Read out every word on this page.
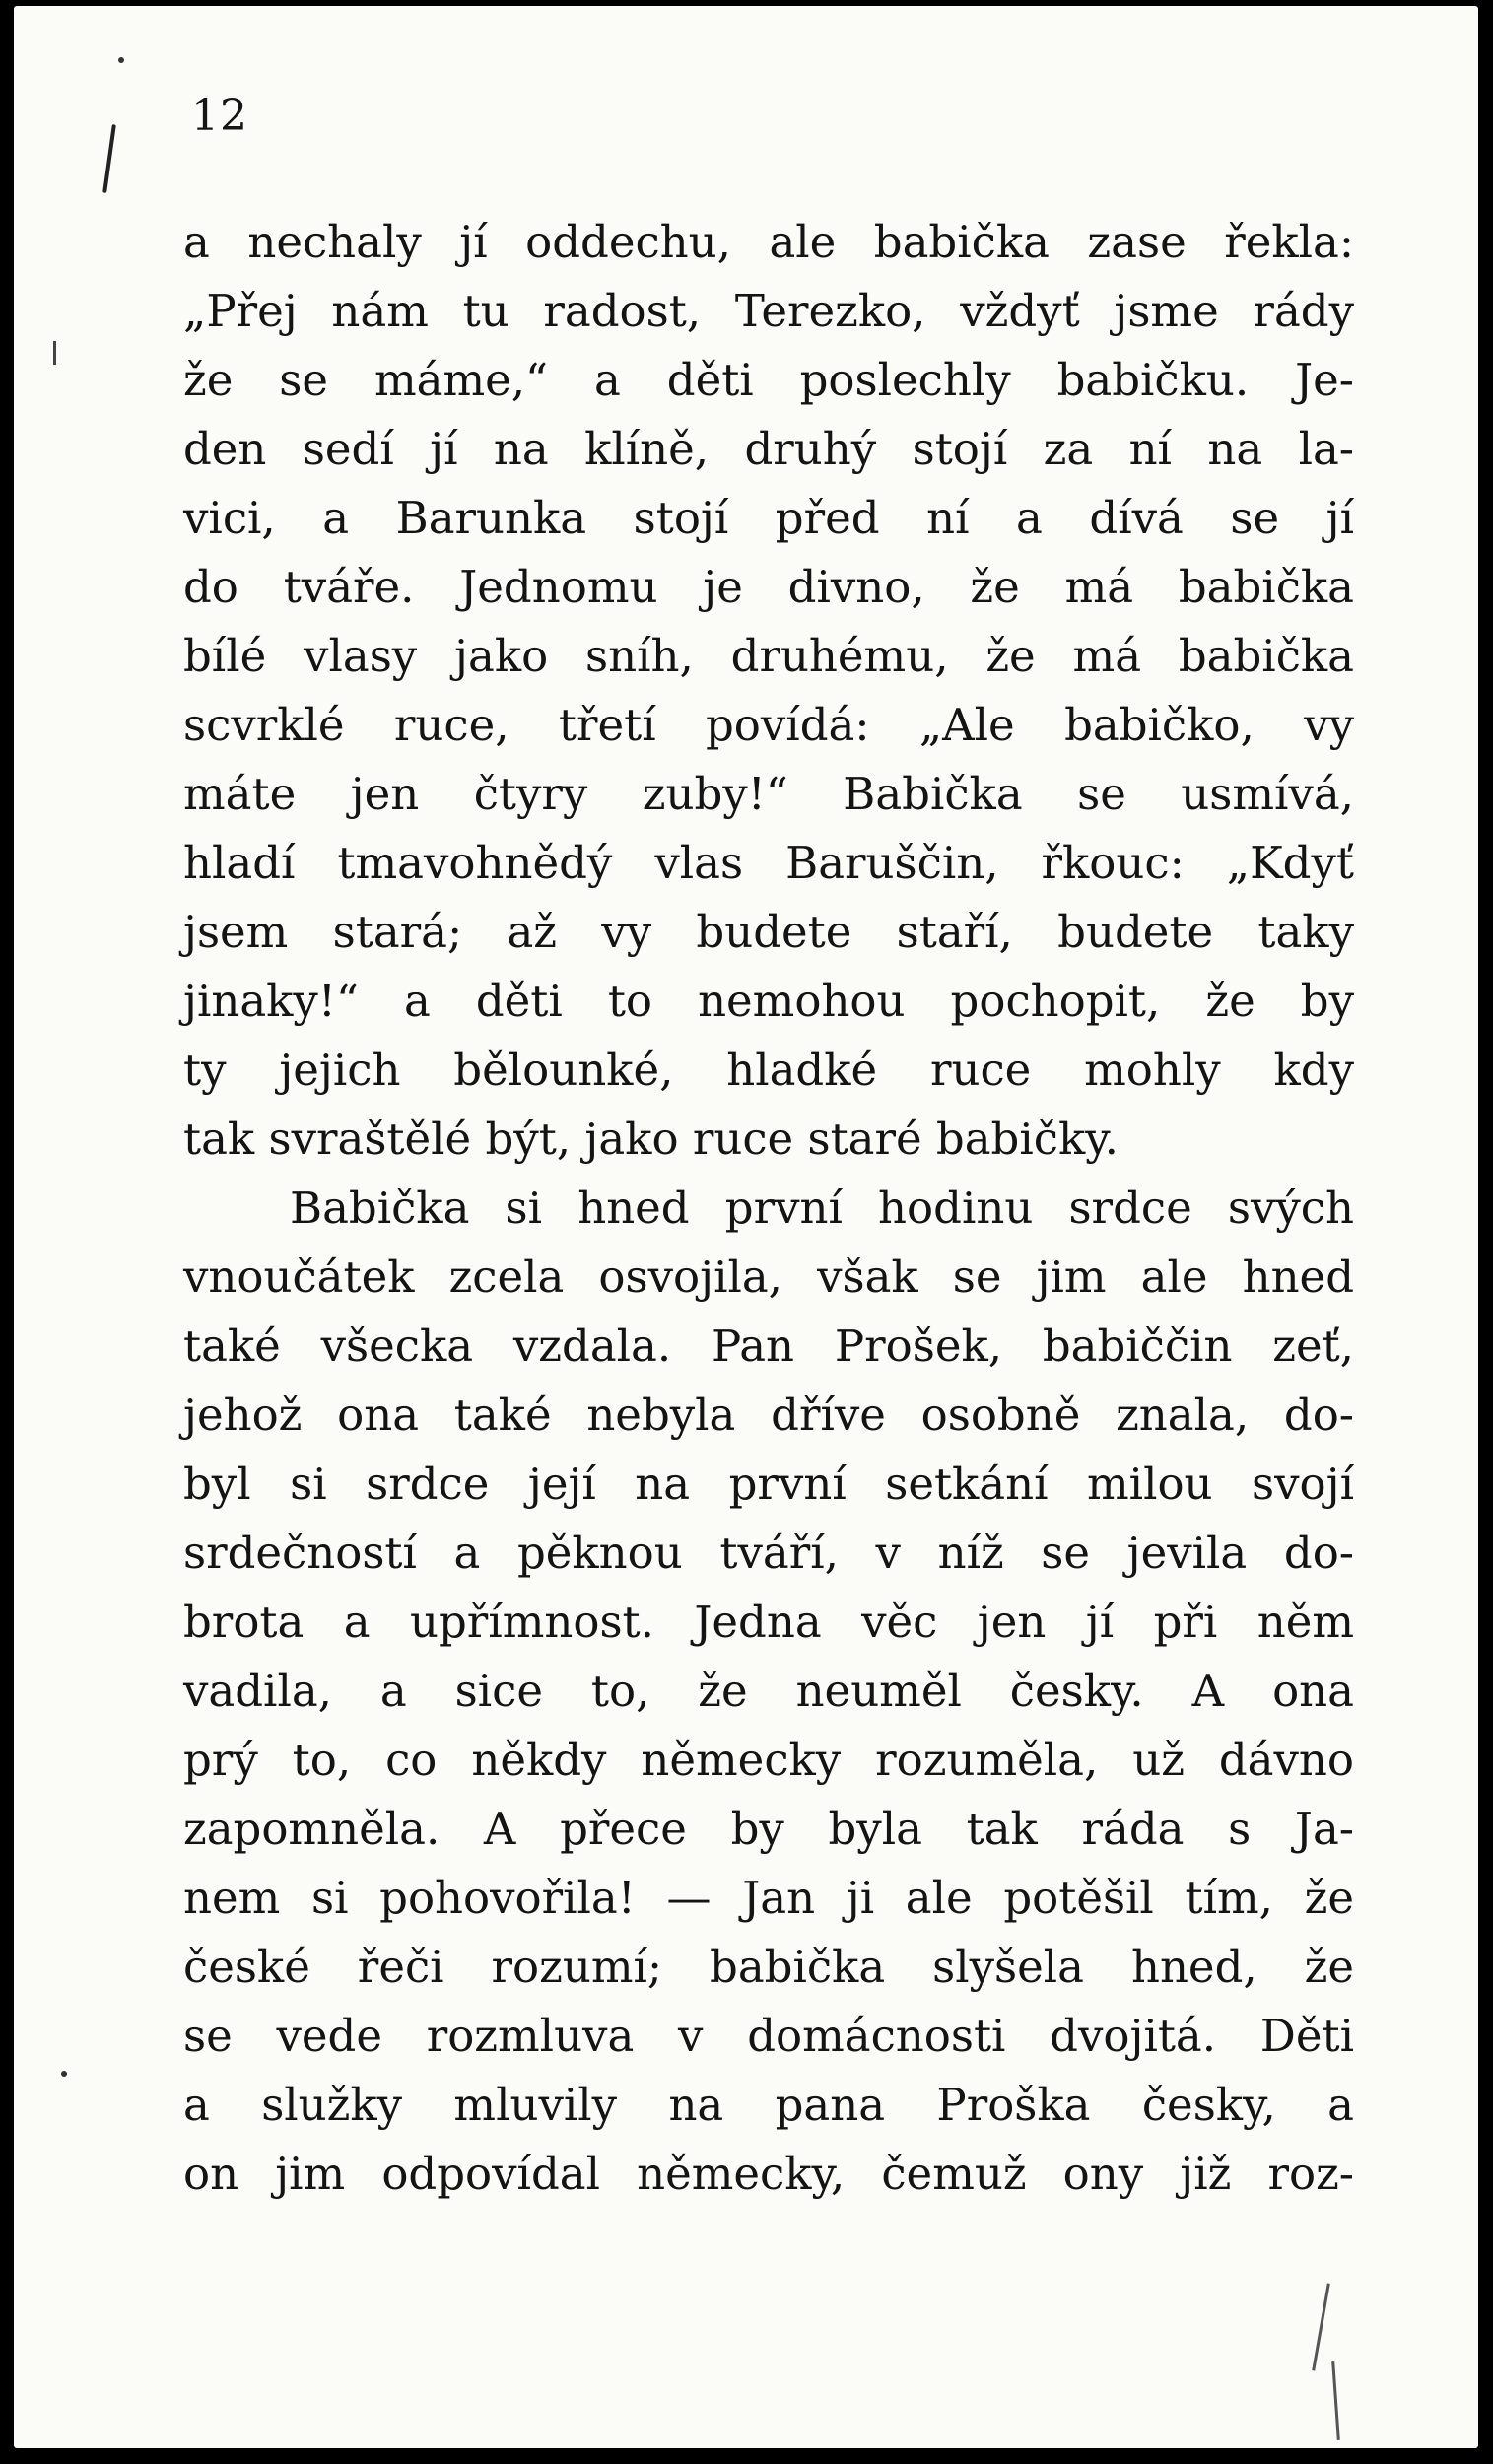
12
a nechaly jí oddechu, ale babička zase řekla:
„Přej nám tu radost, Terezko, vždyť jsme rády
že se máme,“ a děti poslechly babičku. Je-
den sedí jí na klíně, druhý stojí za ní na la-
vici, a Barunka stojí před ní a dívá se jí
do tváře. Jednomu je divno, že má babička
bílé vlasy jako sníh, druhému, že má babička
scvrklé ruce, třetí povídá: „Ale babičko, vy
máte jen čtyry zuby!“ Babička se usmívá,
hladí tmavohnědý vlas Baruščin, řkouc: „Kdyť
jsem stará; až vy budete staří, budete taky
jinaky!“ a děti to nemohou pochopit, že by
ty jejich bělounké, hladké ruce mohly kdy
tak svraštělé být, jako ruce staré babičky.
Babička si hned první hodinu srdce svých
vnoučátek zcela osvojila, však se jim ale hned
také všecka vzdala. Pan Prošek, babiččin zeť,
jehož ona také nebyla dříve osobně znala, do-
byl si srdce její na první setkání milou svojí
srdečností a pěknou tváří, v níž se jevila do-
brota a upřímnost. Jedna věc jen jí při něm
vadila, a sice to, že neuměl česky. A ona
prý to, co někdy německy rozuměla, už dávno
zapomněla. A přece by byla tak ráda s Ja-
nem si pohovořila! — Jan ji ale potěšil tím, že
české řeči rozumí; babička slyšela hned, že
se vede rozmluva v domácnosti dvojitá. Děti
a služky mluvily na pana Proška česky, a
on jim odpovídal německy, čemuž ony již roz-
